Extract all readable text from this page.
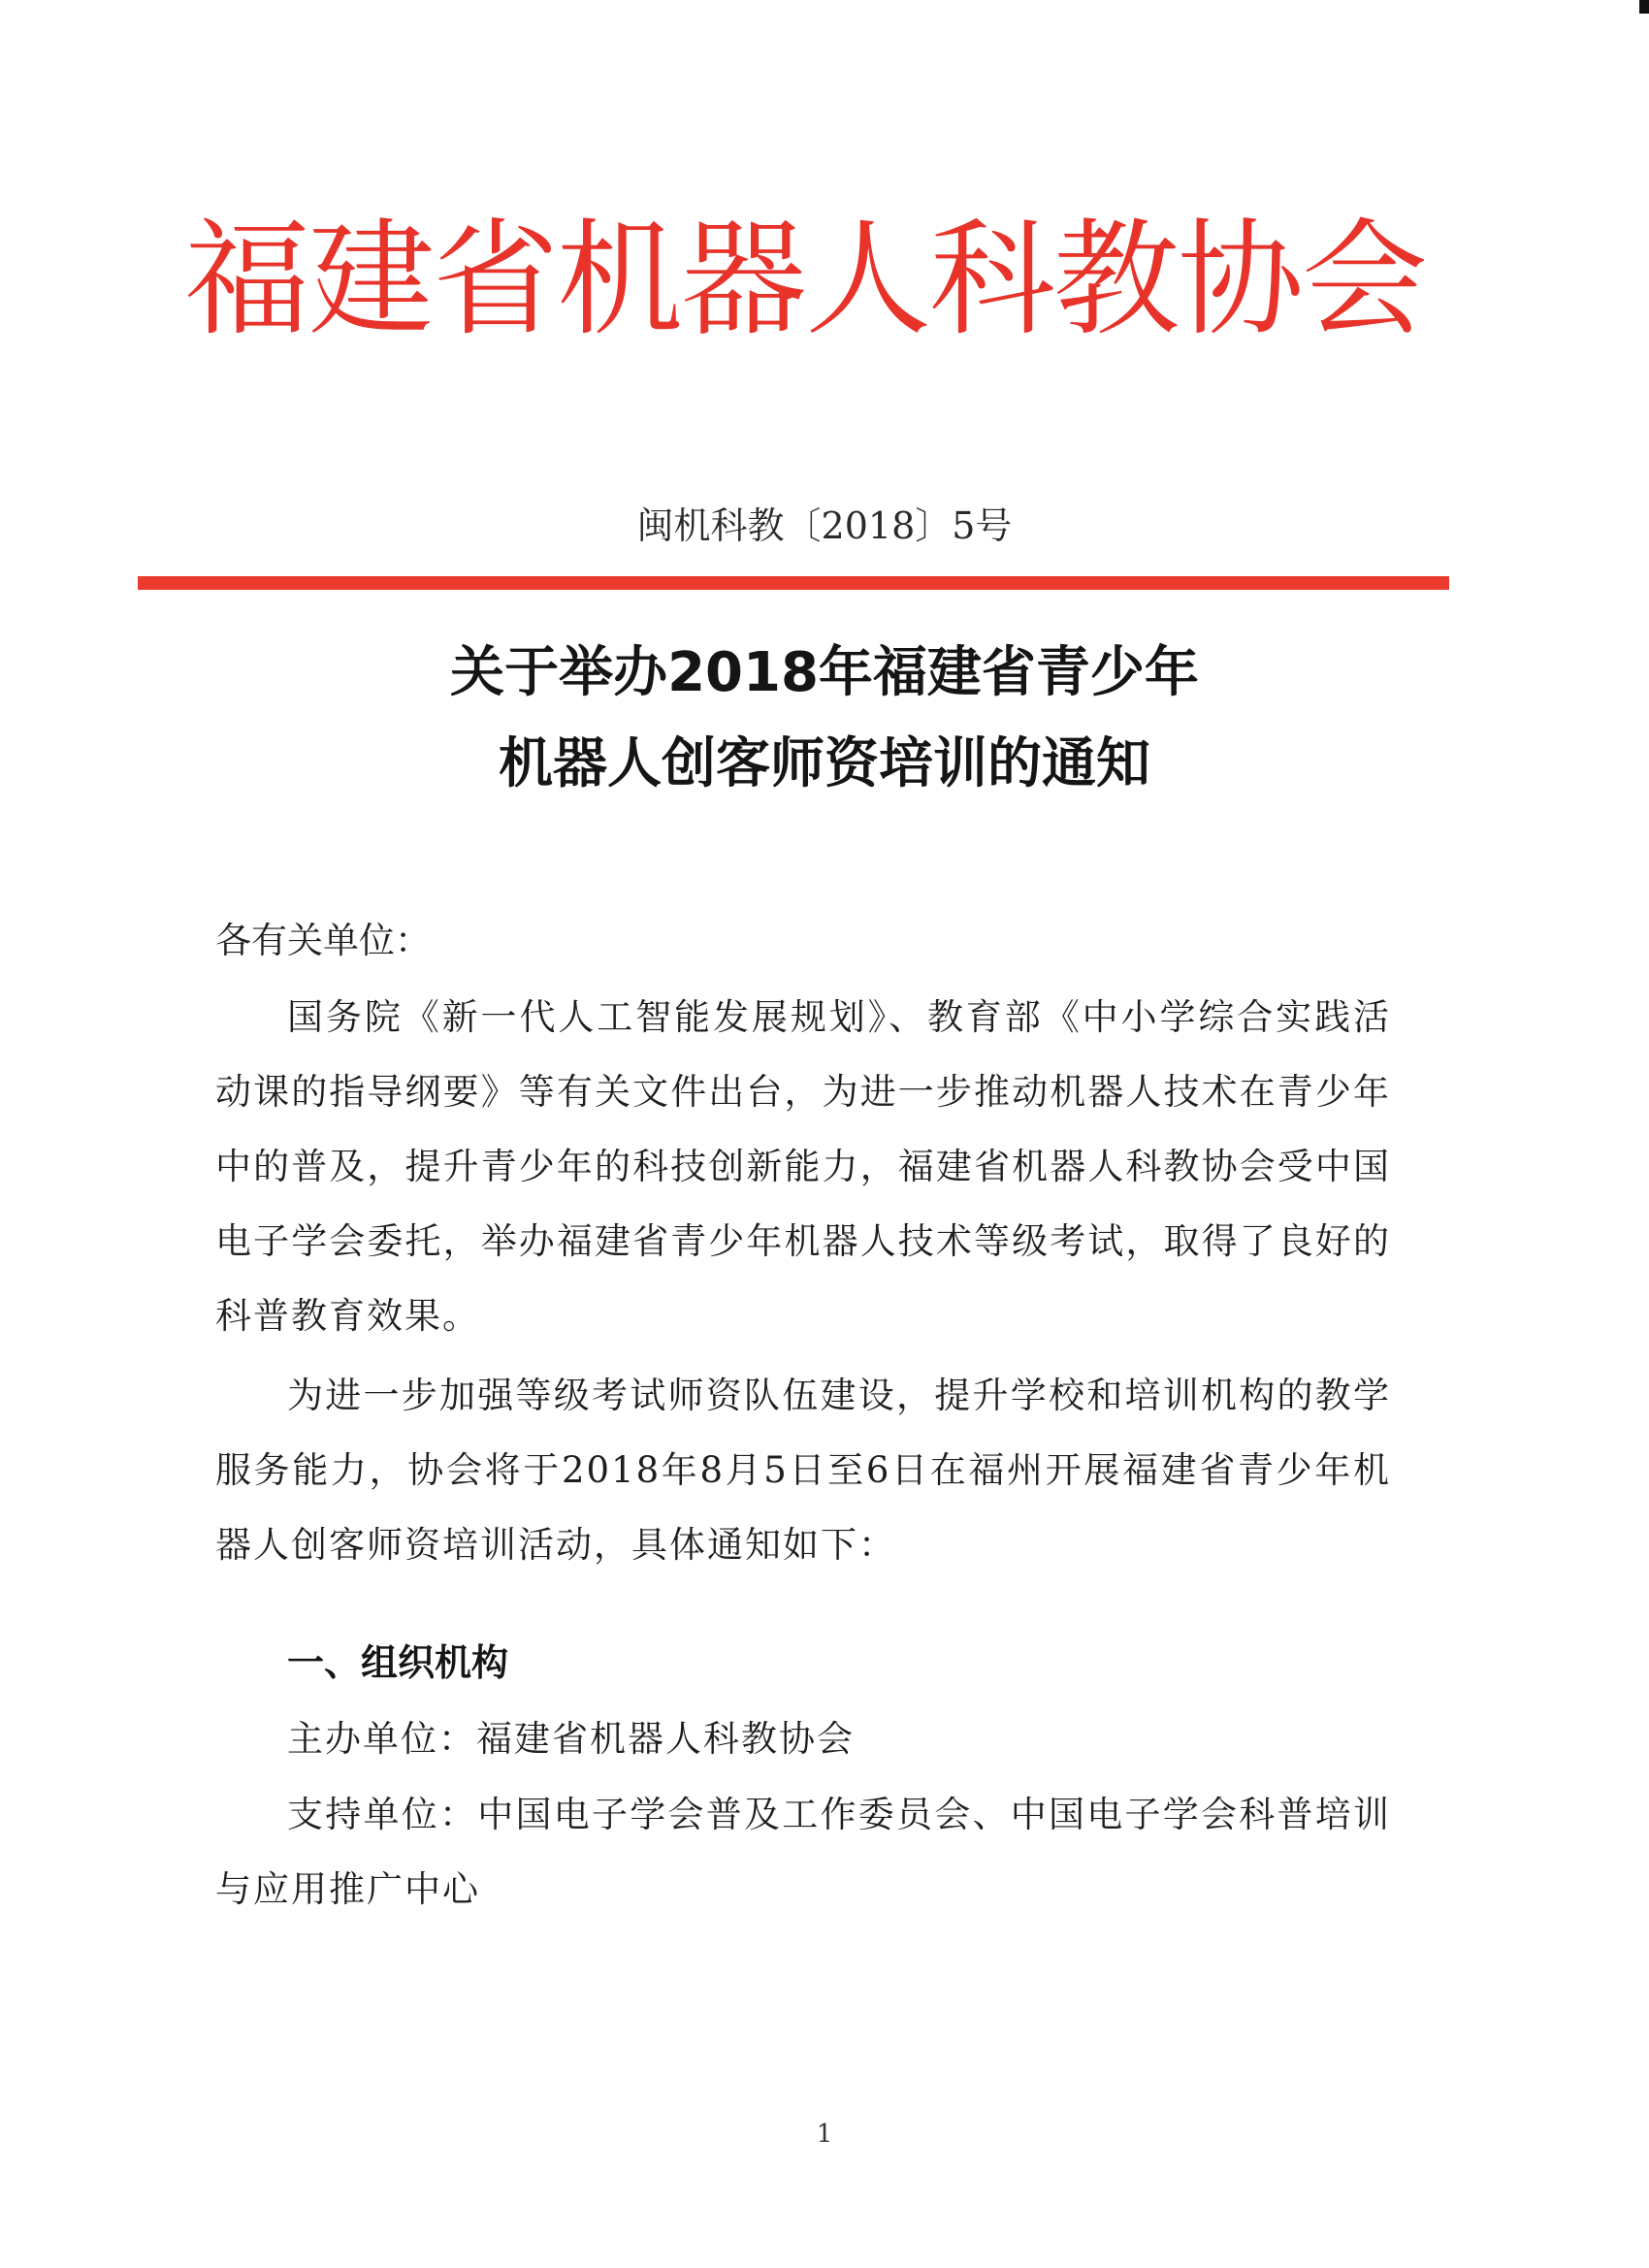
福建省机器人科教协会
闽机科教〔2018〕5号
关于举办2018年福建省青少年
机器人创客师资培训的通知
各有关单位：
国务院《新一代人工智能发展规划》、教育部《中小学综合实践活动课的指导纲要》等有关文件出台，为进一步推动机器人技术在青少年中的普及，提升青少年的科技创新能力，福建省机器人科教协会受中国电子学会委托，举办福建省青少年机器人技术等级考试，取得了良好的科普教育效果。
为进一步加强等级考试师资队伍建设，提升学校和培训机构的教学服务能力，协会将于2018年8月5日至6日在福州开展福建省青少年机器人创客师资培训活动，具体通知如下：
一、组织机构
主办单位：福建省机器人科教协会
支持单位：中国电子学会普及工作委员会、中国电子学会科普培训与应用推广中心
1
